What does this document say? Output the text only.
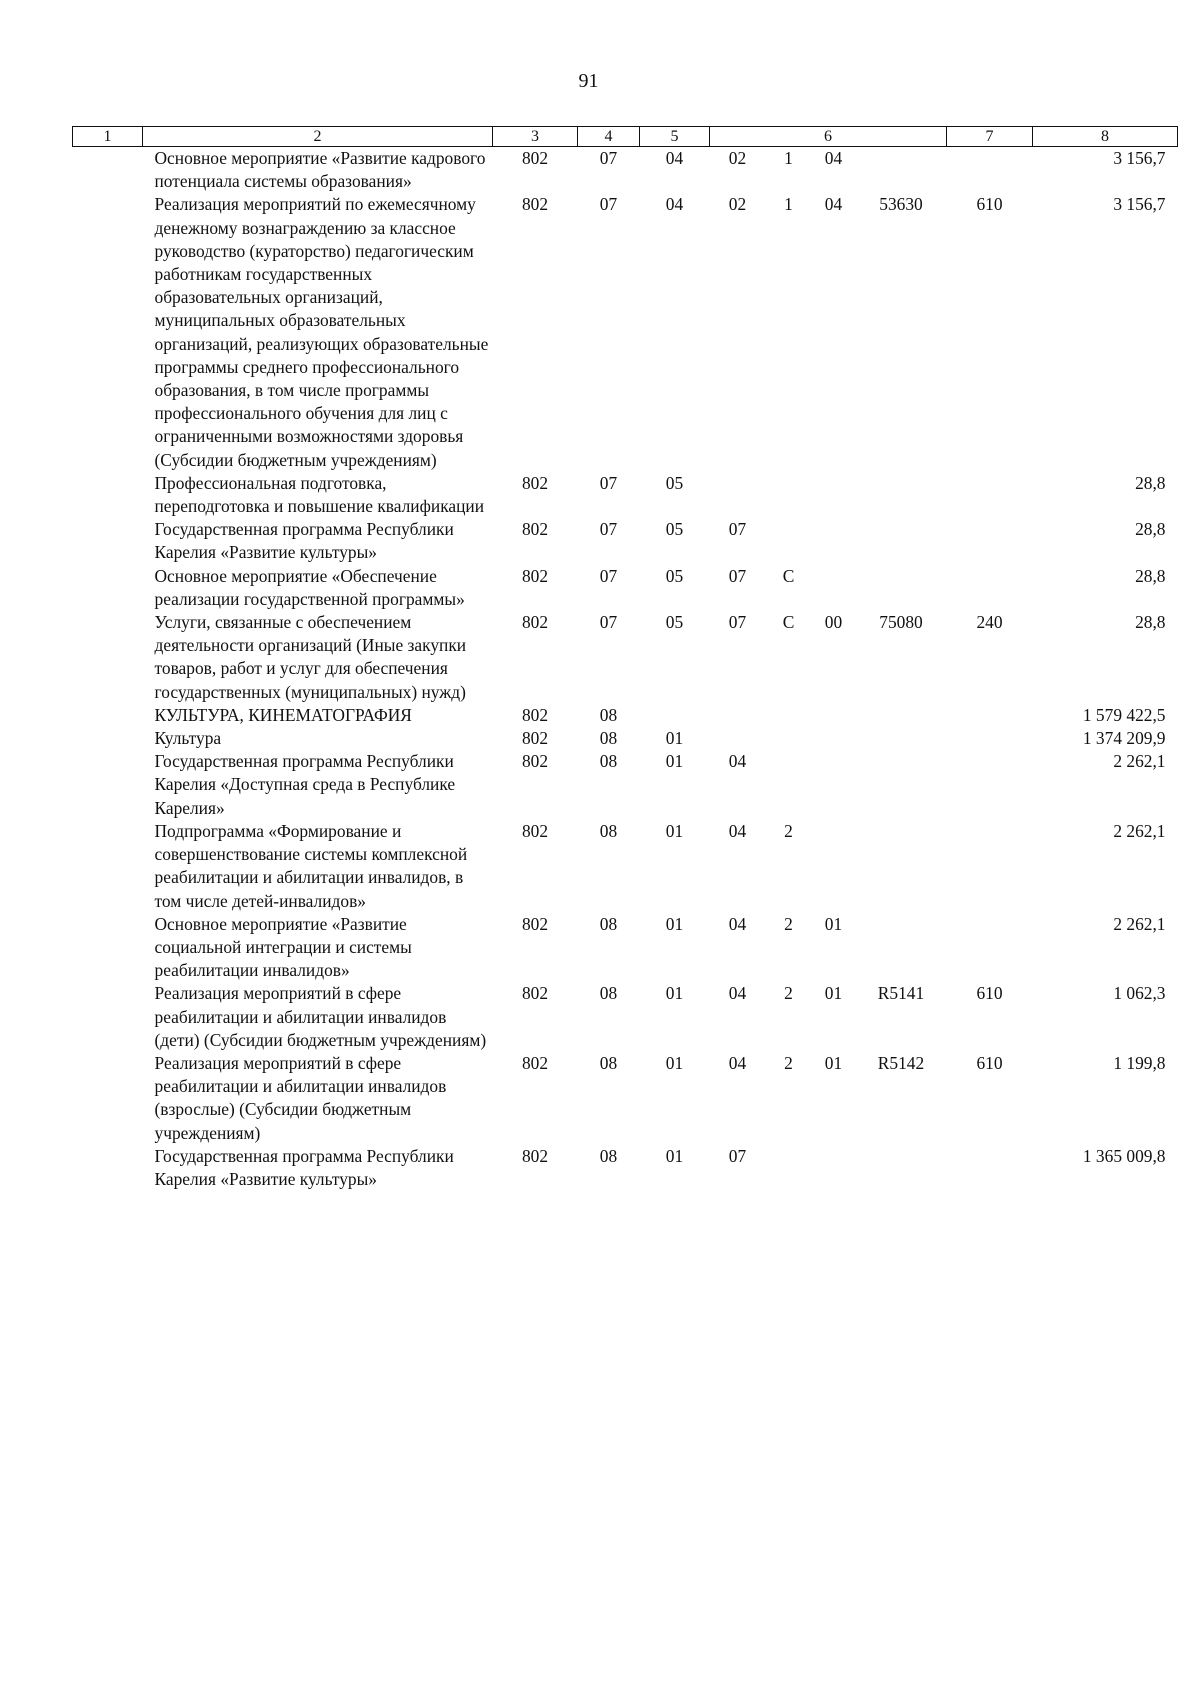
91
1	2	3	4	5	6				7	8
	Основное мероприятие «Развитие кадрового потенциала системы образования»	802	07	04	02	1	04			3 156,7
	Реализация мероприятий по ежемесячному денежному вознаграждению за классное руководство (кураторство) педагогическим работникам государственных образовательных организаций, муниципальных образовательных организаций, реализующих образовательные программы среднего профессионального образования, в том числе программы профессионального обучения для лиц с ограниченными возможностями здоровья (Субсидии бюджетным учреждениям)	802	07	04	02	1	04	53630	610	3 156,7
	Профессиональная подготовка, переподготовка и повышение квалификации	802	07	05						28,8
	Государственная программа Республики Карелия «Развитие культуры»	802	07	05	07					28,8
	Основное мероприятие «Обеспечение реализации государственной программы»	802	07	05	07	С				28,8
	Услуги, связанные с обеспечением деятельности организаций (Иные закупки товаров, работ и услуг для обеспечения государственных (муниципальных) нужд)	802	07	05	07	С	00	75080	240	28,8
	КУЛЬТУРА, КИНЕМАТОГРАФИЯ	802	08							1 579 422,5
	Культура	802	08	01						1 374 209,9
	Государственная программа Республики Карелия «Доступная среда в Республике Карелия»	802	08	01	04					2 262,1
	Подпрограмма «Формирование и совершенствование системы комплексной реабилитации и абилитации инвалидов, в том числе детей-инвалидов»	802	08	01	04	2				2 262,1
	Основное мероприятие «Развитие социальной интеграции и системы реабилитации инвалидов»	802	08	01	04	2	01			2 262,1
	Реализация мероприятий в сфере реабилитации и абилитации инвалидов (дети) (Субсидии бюджетным учреждениям)	802	08	01	04	2	01	R5141	610	1 062,3
	Реализация мероприятий в сфере реабилитации и абилитации инвалидов (взрослые) (Субсидии бюджетным учреждениям)	802	08	01	04	2	01	R5142	610	1 199,8
	Государственная программа Республики Карелия «Развитие культуры»	802	08	01	07					1 365 009,8
